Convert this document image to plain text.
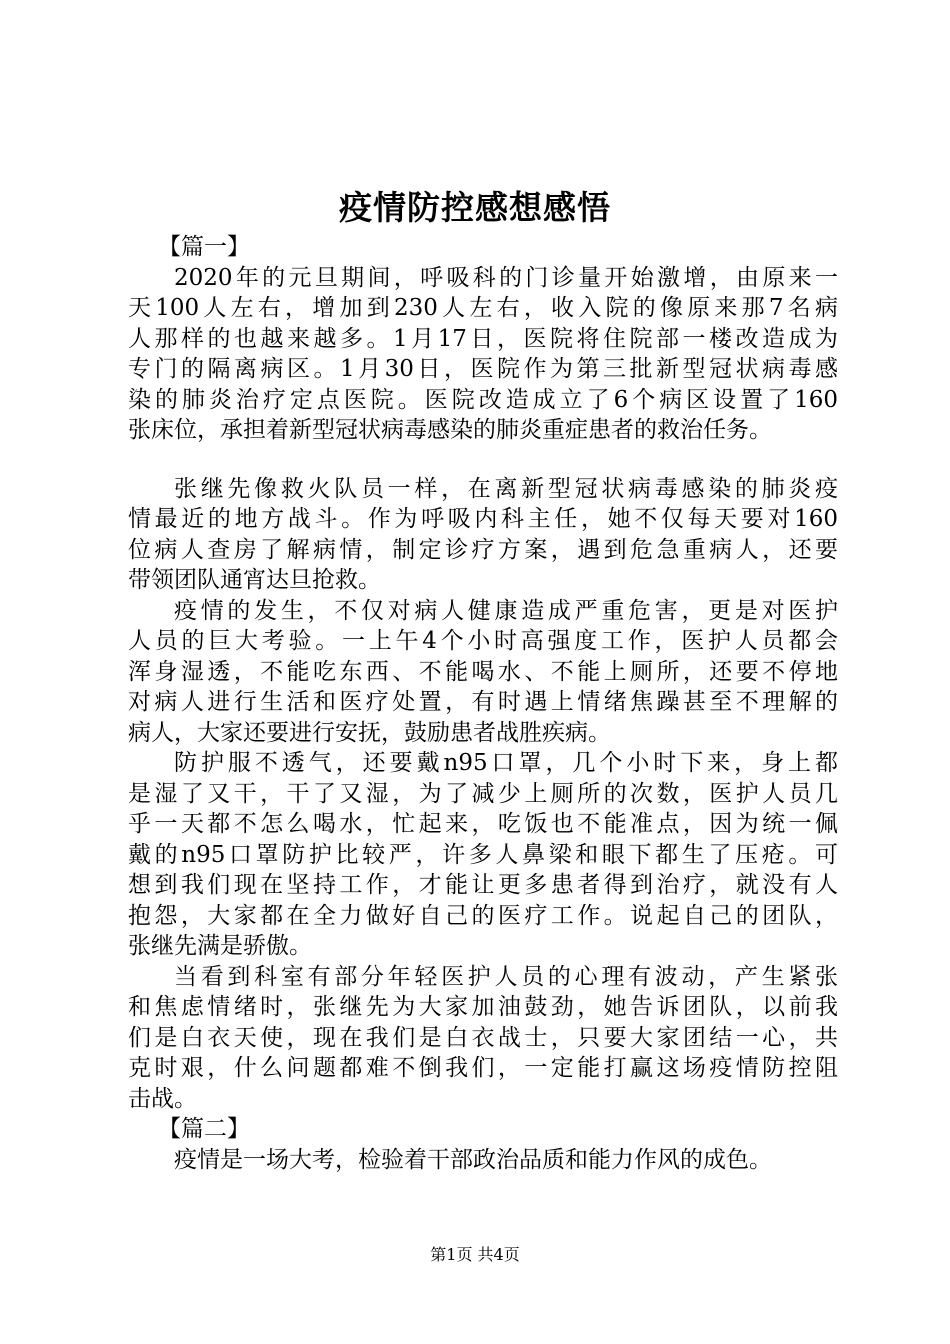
疫情防控感想感悟
【篇一】
2020年的元旦期间，呼吸科的门诊量开始激增，由原来一
天100人左右，增加到230人左右，收入院的像原来那7名病
人那样的也越来越多。1月17日，医院将住院部一楼改造成为
专门的隔离病区。1月30日，医院作为第三批新型冠状病毒感
染的肺炎治疗定点医院。医院改造成立了6个病区设置了160
张床位，承担着新型冠状病毒感染的肺炎重症患者的救治任务。
张继先像救火队员一样，在离新型冠状病毒感染的肺炎疫
情最近的地方战斗。作为呼吸内科主任，她不仅每天要对160
位病人查房了解病情，制定诊疗方案，遇到危急重病人，还要
带领团队通宵达旦抢救。
疫情的发生，不仅对病人健康造成严重危害，更是对医护
人员的巨大考验。一上午4个小时高强度工作，医护人员都会
浑身湿透，不能吃东西、不能喝水、不能上厕所，还要不停地
对病人进行生活和医疗处置，有时遇上情绪焦躁甚至不理解的
病人，大家还要进行安抚，鼓励患者战胜疾病。
防护服不透气，还要戴n95口罩，几个小时下来，身上都
是湿了又干，干了又湿，为了减少上厕所的次数，医护人员几
乎一天都不怎么喝水，忙起来，吃饭也不能准点，因为统一佩
戴的n95口罩防护比较严，许多人鼻梁和眼下都生了压疮。可
想到我们现在坚持工作，才能让更多患者得到治疗，就没有人
抱怨，大家都在全力做好自己的医疗工作。说起自己的团队，
张继先满是骄傲。
当看到科室有部分年轻医护人员的心理有波动，产生紧张
和焦虑情绪时，张继先为大家加油鼓劲，她告诉团队，以前我
们是白衣天使，现在我们是白衣战士，只要大家团结一心，共
克时艰，什么问题都难不倒我们，一定能打赢这场疫情防控阻
击战。
【篇二】
疫情是一场大考，检验着干部政治品质和能力作风的成色。
第1页 共4页
